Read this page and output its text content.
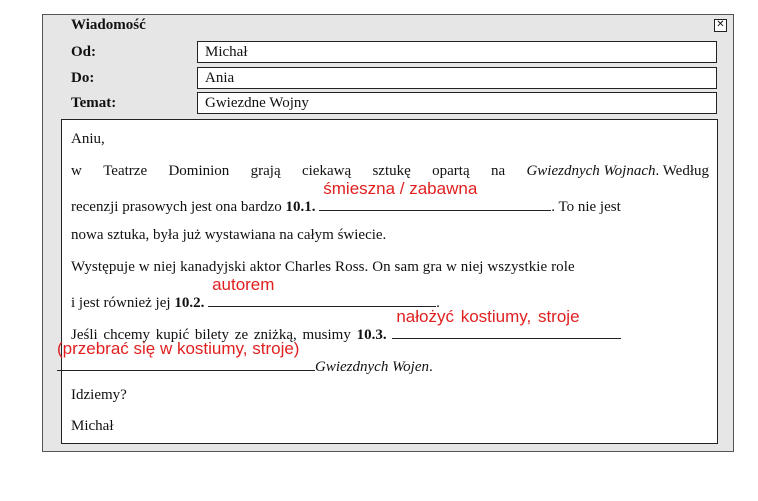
Wiadomość	✕
Od:	Michał
Do:	Ania
Temat:	Gwiezdne Wojny
Aniu,
w Teatrze Dominion grają ciekawą sztukę opartą na Gwiezdnych Wojnach. Według
recenzji prasowych jest ona bardzo 10.1.
śmieszna / zabawna
. To nie jest
nowa sztuka, była już wystawiana na całym świecie.
Występuje w niej kanadyjski aktor Charles Ross. On sam gra w niej wszystkie role
i jest również jej 10.2.
autorem
.
Jeśli chcemy kupić bilety ze zniżką, musimy 10.3.
nałożyć kostiumy, stroje
(przebrać się w kostiumy, stroje)
Gwiezdnych Wojen.
Idziemy?
Michał
